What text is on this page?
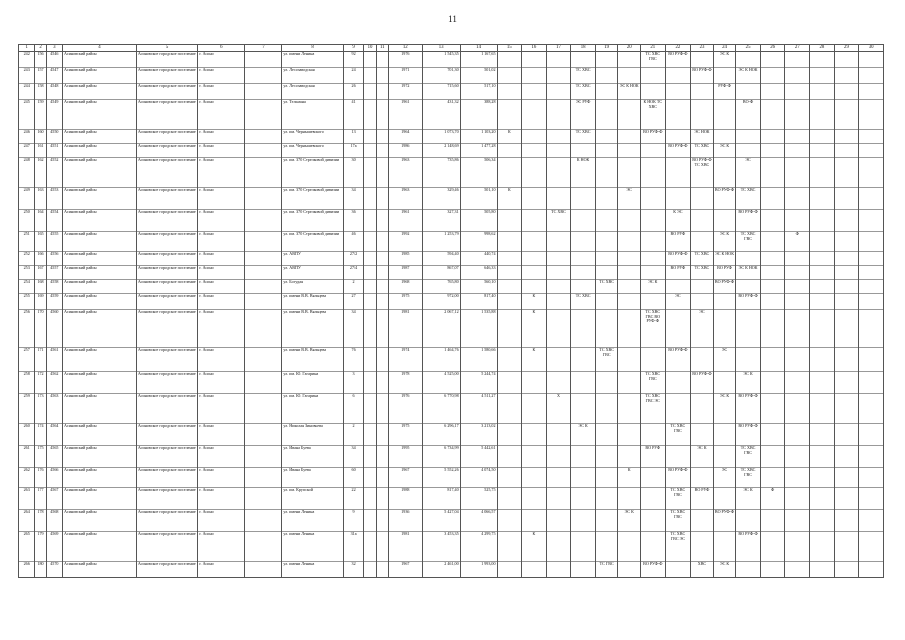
11
1	2	3	4	5	6	7	8	9	10	11	12	13	14	15	16	17	18	19	20	21	22	23	24	25	26	27	28	29	30
242	156	4546	Асиновский район	Асиновское городское поселение	г. Асино		ул. имени Ленина	92			1976	1 545,35	1 167,65							ТС ХВС ГВС	ВО РУФ-Ф		ЭС К						
243	157	4547	Асиновский район	Асиновское городское поселение	г. Асино		ул. Лесозаводская	24			1971	701,30	501,02				ТС ХВС					ВО РУФ-Ф		ЭС К НОК					
244	158	4548	Асиновский район	Асиновское городское поселение	г. Асино		ул. Лесозаводская	26			1972	715,60	517,10				ТС ХВС		ЭС К НОК				РУФ-Ф						
245	159	4549	Асиновский район	Асиновское городское поселение	г. Асино		ул. Тельмана	41			1961	431,32	388,28				ЭС РУФ			К НОК ТС ХВС				ВО-Ф					
246	160	4550	Асиновский район	Асиновское городское поселение	г. Асино		ул. им. Чернышевского	13			1964	1 073,70	1 103,20	К			ТС ХВС			ВО РУФ-Ф		ЭС НОК							
247	161	4551	Асиновский район	Асиновское городское поселение	г. Асино		ул. им. Чернышевского	17а			1986	2 148,69	1 477,28								ВО РУФ-Ф	ТС ХВС	ЭС К						
248	162	4552	Асиновский район	Асиновское городское поселение	г. Асино		ул. им. 370 Стрелковой дивизии	30			1963	735,86	506,34				К НОК					ВО РУФ-Ф ТС ХВС		ЭС					
249	163	4553	Асиновский район	Асиновское городское поселение	г. Асино		ул. им. 370 Стрелковой дивизии	34			1963	329,46	501,10	К					ЭС				ВО РУФ-Ф	ТС ХВС					
250	164	4554	Асиновский район	Асиновское городское поселение	г. Асино		ул. им. 370 Стрелковой дивизии	36			1961	327,31	505,80			ТС ХВС					К ЭС			ВО РУФ-Ф					
251	165	4555	Асиновский район	Асиновское городское поселение	г. Асино		ул. им. 370 Стрелковой дивизии	46			1992	1 253,79	998,62								ВО РУФ		ЭС К	ТС ХВС ГВС		Ф			
252	166	4556	Асиновский район	Асиновское городское поселение	г. Асино		ул. АВПУ	27/2			1985	594,40	440,74								ВО РУФ-Ф	ТС ХВС	ЭС К НОК						
253	167	4557	Асиновский район	Асиновское городское поселение	г. Асино		ул. АВПУ	27/4			1987	867,07	646,33								ВО РУФ	ТС ХВС	ВО РУФ	ЭС К НОК					
254	168	4558	Асиновский район	Асиновское городское поселение	г. Асино		ул. Богудая	2			1968	765,80	560,10					ТС ХВС		ЭС К			ВО РУФ-Ф						
255	169	4559	Асиновский район	Асиновское городское поселение	г. Асино		ул. имени В.В. Вяльцева	27			1975	972,00	817,40		К		ТС ХВС				ЭС			ВО РУФ-Ф					
256	170	4560	Асиновский район	Асиновское городское поселение	г. Асино		ул. имени В.В. Вяльцева	34			1981	2 067,12	1 535,88		К					ТС ХВС ГВС ВО РУФ-Ф		ЭС							
257	171	4561	Асиновский район	Асиновское городское поселение	г. Асино		ул. имени В.В. Вяльцева	76			1974	1 464,76	1 580,66		К			ТС ХВС ГВС			ВО РУФ-Ф		ЭС						
258	172	4562	Асиновский район	Асиновское городское поселение	г. Асино		ул. им. Ю. Гагарина	3			1978	4 525,00	5 244,74							ТС ХВС ГВС		ВО РУФ-Ф		ЭС К					
259	173	4563	Асиновский район	Асиновское городское поселение	г. Асино		ул. им. Ю. Гагарина	6			1976	6 770,98	4 511,27			Х				ТС ХВС ГВС ЭС			ЭС К	ВО РУФ-Ф					
260	174	4564	Асиновский район	Асиновское городское поселение	г. Асино		ул. Николая Зиновьева	2			1975	6 296,17	3 213,02				ЭС К				ТС ХВС ГВС			ВО РУФ-Ф					
261	175	4565	Асиновский район	Асиновское городское поселение	г. Асино		ул. Ивана Буева	34			1995	6 734,99	5 442,61							ВО РУФ		ЭС К		ТС ХВС ГВС					
262	176	4566	Асиновский район	Асиновское городское поселение	г. Асино		ул. Ивана Буева	60			1967	5 552,26	4 074,50						К		ВО РУФ-Ф		ЭС	ТС ХВС ГВС					
263	177	4567	Асиновский район	Асиновское городское поселение	г. Асино		ул. им. Крупской	22			1988	817,40	525,75								ТС ХВС ГВС	ВО РУФ		ЭС К	Ф				
264	178	4568	Асиновский район	Асиновское городское поселение	г. Асино		ул. имени Ленина	9			1936	5 427,04	4 066,57						ЭС К		ТС ХВС ГВС		ВО РУФ-Ф						
265	179	4569	Асиновский район	Асиновское городское поселение	г. Асино		ул. имени Ленина	31а			1981	3 453,35	4 299,75		К						ТС ХВС ГВС ЭС			ВО РУФ-Ф					
266	180	4570	Асиновский район	Асиновское городское поселение	г. Асино		ул. имени Ленина	32			1967	2 461,00	1 993,00					ТС ГВС		ВО РУФ-Ф		ХВС	ЭС К						
